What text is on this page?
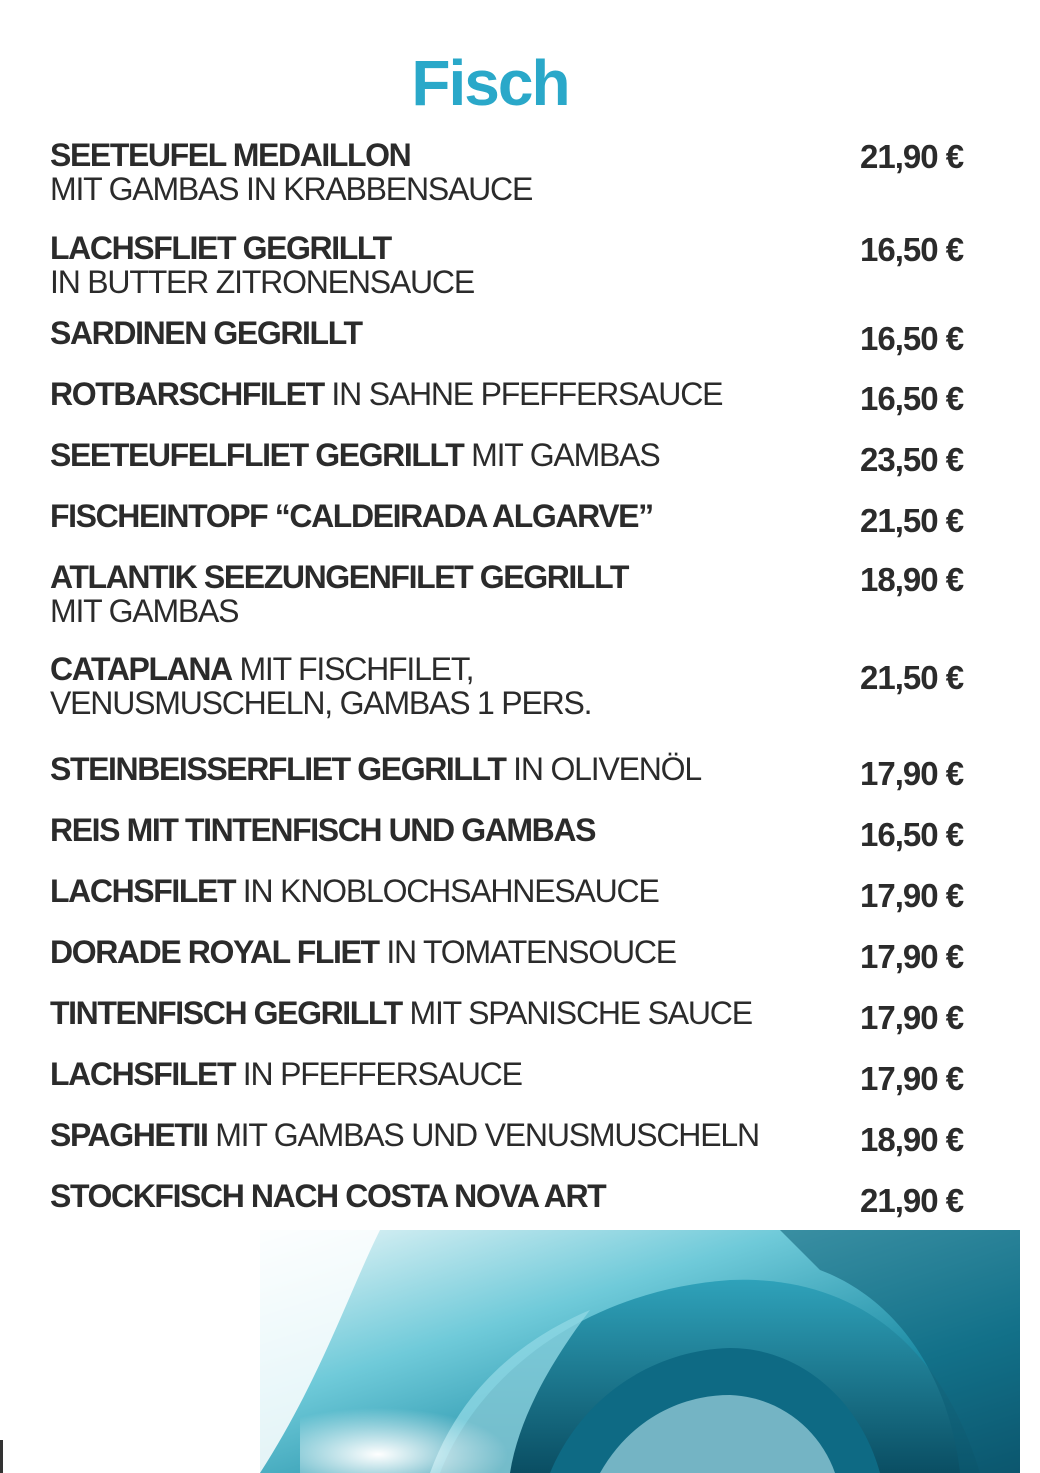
Fisch
SEETEUFEL MEDAILLON
MIT GAMBAS IN KRABBENSAUCE
21,90 €
LACHSFLIET GEGRILLT
IN BUTTER ZITRONENSAUCE
16,50 €
SARDINEN GEGRILLT	16,50 €
ROTBARSCHFILET IN SAHNE PFEFFERSAUCE	16,50 €
SEETEUFELFLIET GEGRILLT MIT GAMBAS	23,50 €
FISCHEINTOPF “CALDEIRADA ALGARVE”	21,50 €
ATLANTIK SEEZUNGENFILET GEGRILLT
MIT GAMBAS
18,90 €
CATAPLANA MIT FISCHFILET,
VENUSMUSCHELN, GAMBAS 1 PERS.
21,50 €
STEINBEISSERFLIET GEGRILLT IN OLIVENÖL	17,90 €
REIS MIT TINTENFISCH UND GAMBAS	16,50 €
LACHSFILET IN KNOBLOCHSAHNESAUCE	17,90 €
DORADE ROYAL FLIET IN TOMATENSOUCE	17,90 €
TINTENFISCH GEGRILLT MIT SPANISCHE SAUCE	17,90 €
LACHSFILET IN PFEFFERSAUCE	17,90 €
SPAGHETII MIT GAMBAS UND VENUSMUSCHELN	18,90 €
STOCKFISCH NACH COSTA NOVA ART	21,90 €
